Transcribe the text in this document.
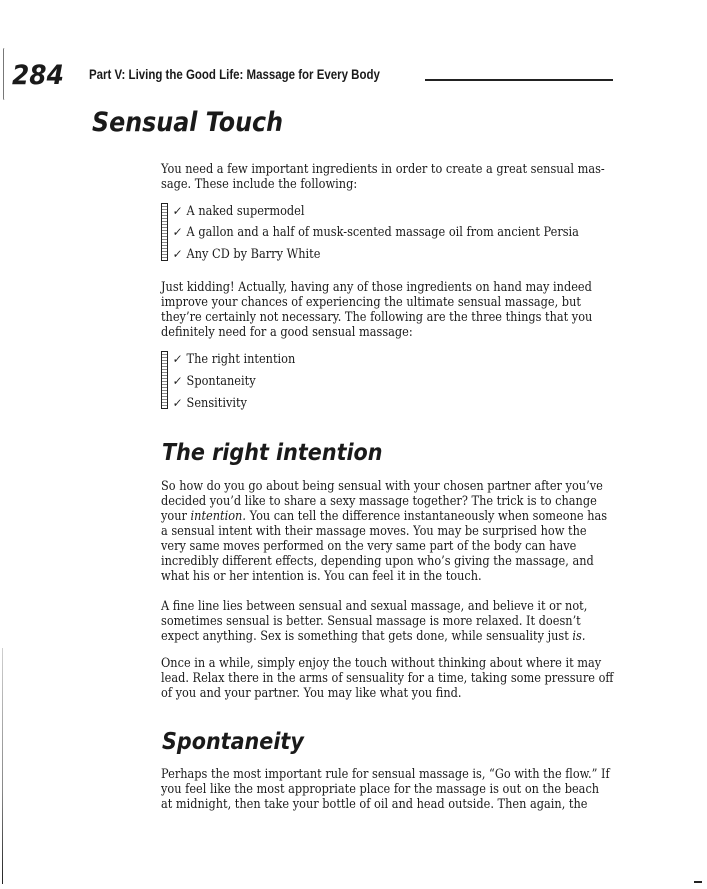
284 Part V: Living the Good Life: Massage for Every Body
Sensual Touch

You need a few important ingredients in order to create a great sensual mas-
sage. These include the following:

✓ A naked supermodel
✓ A gallon and a half of musk-scented massage oil from ancient Persia
✓ Any CD by Barry White

Just kidding! Actually, having any of those ingredients on hand may indeed
improve your chances of experiencing the ultimate sensual massage, but
they’re certainly not necessary. The following are the three things that you
definitely need for a good sensual massage:

✓ The right intention
✓ Spontaneity
✓ Sensitivity
The right intention

So how do you go about being sensual with your chosen partner after you’ve
decided you’d like to share a sexy massage together? The trick is to change
your intention. You can tell the difference instantaneously when someone has
a sensual intent with their massage moves. You may be surprised how the
very same moves performed on the very same part of the body can have
incredibly different effects, depending upon who’s giving the massage, and
what his or her intention is. You can feel it in the touch.

A fine line lies between sensual and sexual massage, and believe it or not,
sometimes sensual is better. Sensual massage is more relaxed. It doesn’t
expect anything. Sex is something that gets done, while sensuality just is.

Once in a while, simply enjoy the touch without thinking about where it may
lead. Relax there in the arms of sensuality for a time, taking some pressure off
of you and your partner. You may like what you find.

Spontaneity

Perhaps the most important rule for sensual massage is, “Go with the flow.” If
you feel like the most appropriate place for the massage is out on the beach
at midnight, then take your bottle of oil and head outside. Then again, the
